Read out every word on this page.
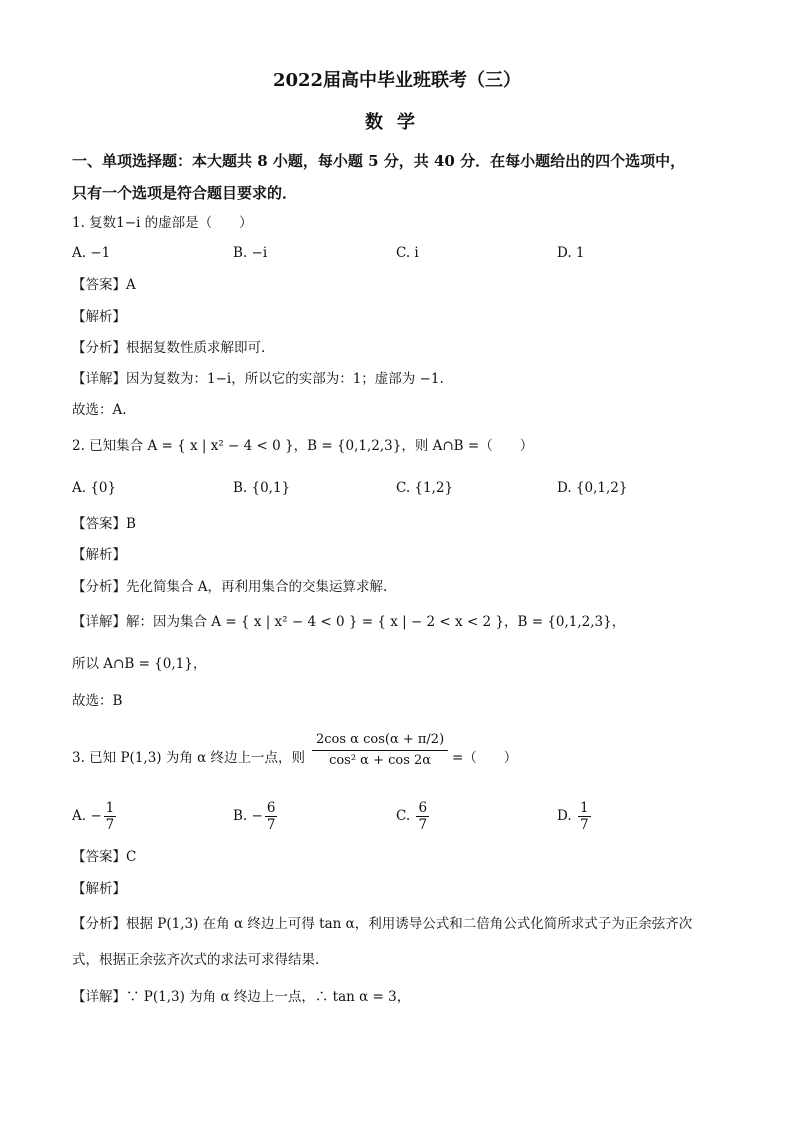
2022届高中毕业班联考（三）
数学
一、单项选择题：本大题共 8 小题，每小题 5 分，共 40 分．在每小题给出的四个选项中，
只有一个选项是符合题目要求的．
1. 复数1−i 的虚部是（　　）
A. −1	B. −i	C. i	D. 1
【答案】A
【解析】
【分析】根据复数性质求解即可.
【详解】因为复数为：1−i，所以它的实部为：1；虚部为 −1.
故选：A.
2. 已知集合 A = { x | x² − 4 < 0 }，B = {0,1,2,3}，则 A∩B =（　　）
A. {0}	B. {0,1}	C. {1,2}	D. {0,1,2}
【答案】B
【解析】
【分析】先化简集合 A，再利用集合的交集运算求解.
【详解】解：因为集合 A = { x | x² − 4 < 0 } = { x | − 2 < x < 2 }，B = {0,1,2,3}，
所以 A∩B = {0,1}，
故选：B
3. 已知 P(1,3) 为角 α 终边上一点，则 $\frac{\text{2cos α cos(α + π/2)}}{\text{cos² α + cos 2α}}$ =（　　）
A. − $\frac{1}{7}$	B. − $\frac{6}{7}$	C. $\frac{6}{7}$	D. $\frac{1}{7}$
【答案】C
【解析】
【分析】根据 P(1,3) 在角 α 终边上可得 tan α，利用诱导公式和二倍角公式化简所求式子为正余弦齐次
式，根据正余弦齐次式的求法可求得结果.
【详解】∵ P(1,3) 为角 α 终边上一点，∴ tan α = 3，
